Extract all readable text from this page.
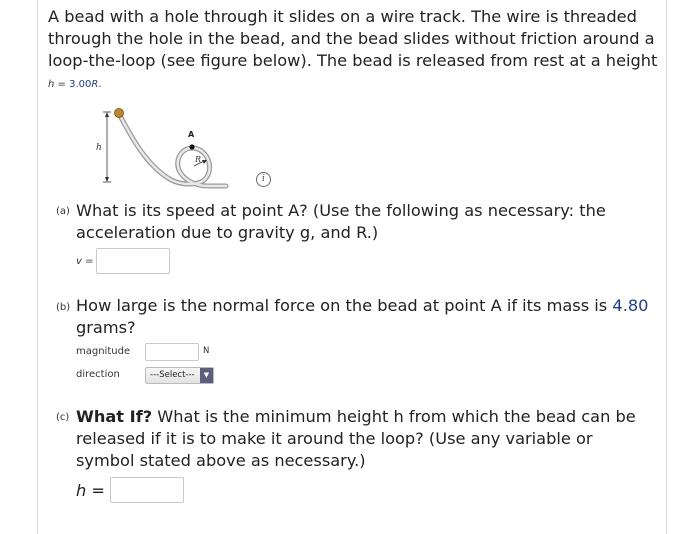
A bead with a hole through it slides on a wire track. The wire is threaded through the hole in the bead, and the bead slides without friction around a loop-the-loop (see figure below). The bead is released from rest at a height
h = 3.00R.
h
A
R
i
(a) What is its speed at point A? (Use the following as necessary: the acceleration due to gravity g, and R.)
v =
(b) How large is the normal force on the bead at point A if its mass is 4.80 grams?
magnitude	N
direction	---Select---	▼
(c) What If? What is the minimum height h from which the bead can be released if it is to make it around the loop? (Use any variable or symbol stated above as necessary.)
h =
